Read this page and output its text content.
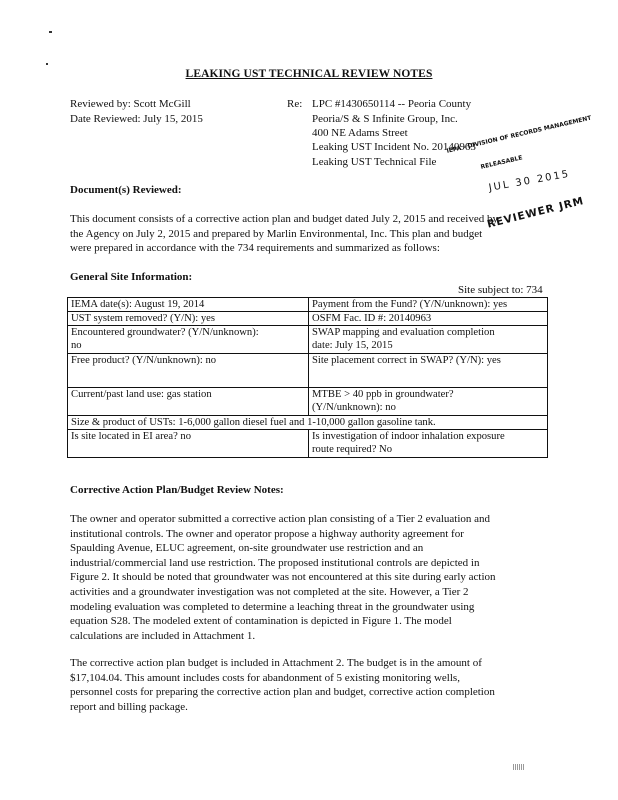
LEAKING UST TECHNICAL REVIEW NOTES
Reviewed by: Scott McGill
Date Reviewed: July 15, 2015
Re: LPC #1430650114 -- Peoria County
Peoria/S & S Infinite Group, Inc.
400 NE Adams Street
Leaking UST Incident No. 20140963
Leaking UST Technical File
IEPA - DIVISION OF RECORDS MANAGEMENT
RELEASABLE
JUL 30 2015
REVIEWER JRM
Document(s) Reviewed:
This document consists of a corrective action plan and budget dated July 2, 2015 and received by
the Agency on July 2, 2015 and prepared by Marlin Environmental, Inc. This plan and budget
were prepared in accordance with the 734 requirements and summarized as follows:
General Site Information:
Site subject to: 734
IEMA date(s): August 19, 2014	Payment from the Fund? (Y/N/unknown): yes
UST system removed? (Y/N): yes	OSFM Fac. ID #: 20140963
Encountered groundwater? (Y/N/unknown):
no	SWAP mapping and evaluation completion
date: July 15, 2015
Free product? (Y/N/unknown): no	Site placement correct in SWAP? (Y/N): yes
Current/past land use: gas station	MTBE > 40 ppb in groundwater?
(Y/N/unknown): no
Size & product of USTs: 1-6,000 gallon diesel fuel and 1-10,000 gallon gasoline tank.	
Is site located in EI area? no	Is investigation of indoor inhalation exposure
route required? No
Corrective Action Plan/Budget Review Notes:
The owner and operator submitted a corrective action plan consisting of a Tier 2 evaluation and
institutional controls. The owner and operator propose a highway authority agreement for
Spaulding Avenue, ELUC agreement, on-site groundwater use restriction and an
industrial/commercial land use restriction. The proposed institutional controls are depicted in
Figure 2. It should be noted that groundwater was not encountered at this site during early action
activities and a groundwater investigation was not completed at the site. However, a Tier 2
modeling evaluation was completed to determine a leaching threat in the groundwater using
equation S28. The modeled extent of contamination is depicted in Figure 1. The model
calculations are included in Attachment 1.
The corrective action plan budget is included in Attachment 2. The budget is in the amount of
$17,104.04. This amount includes costs for abandonment of 5 existing monitoring wells,
personnel costs for preparing the corrective action plan and budget, corrective action completion
report and billing package.
